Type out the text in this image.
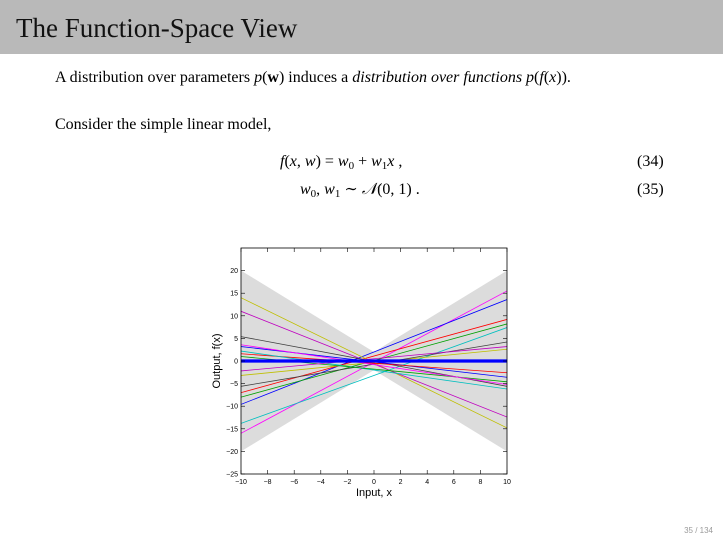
The Function-Space View
A distribution over parameters p(w) induces a distribution over functions p(f(x)).
Consider the simple linear model,
f(x, $w) = w_0 + w_1x$ ,	(34)
$w_0$, $w_1$ ∼ 𝒩(0, 1) .	(35)
−10 −8	−6	−4	−2	0	2	4	6	8	10
−25
−20
−15
−10
−5
0
5
10
15
20
Input, x
Output, f(x)
35 / 134
